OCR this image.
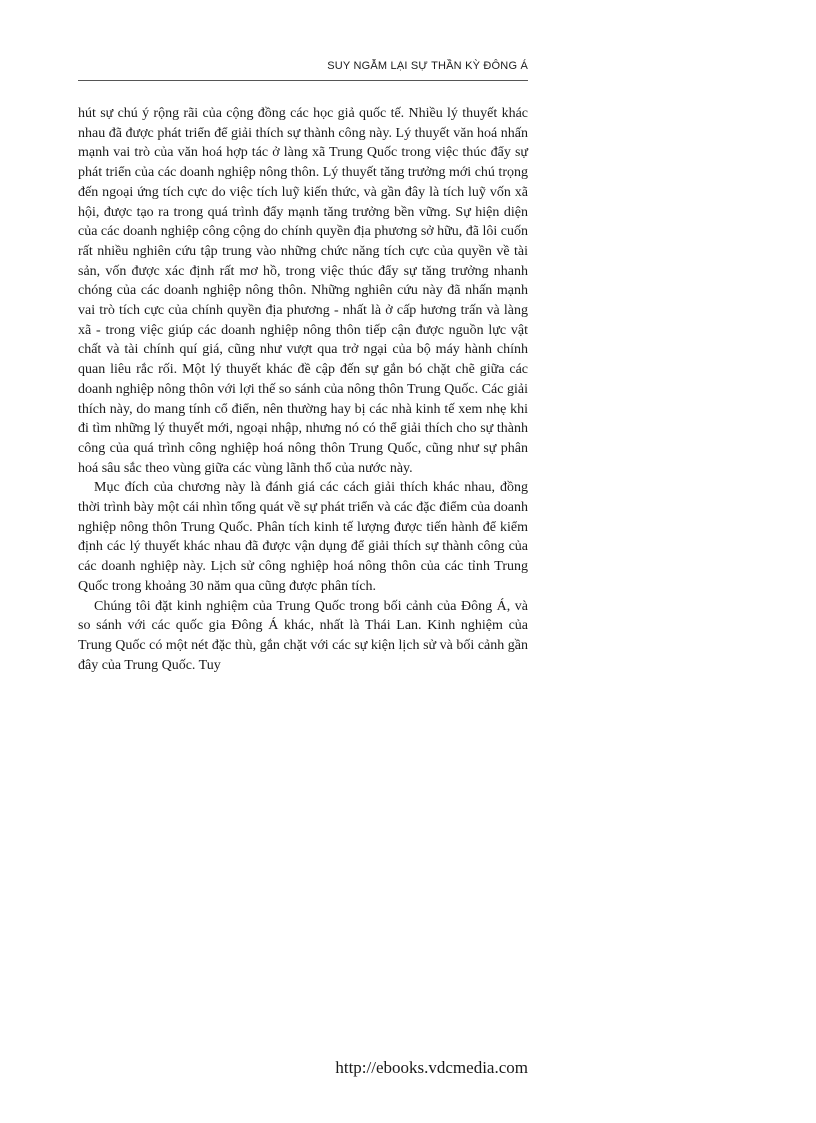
SUY NGẪM LẠI SỰ THẦN KỲ ĐÔNG Á

hút sự chú ý rộng rãi của cộng đồng các học giả quốc tế. Nhiều lý thuyết khác nhau đã được phát triển để giải thích sự thành công này. Lý thuyết văn hoá nhấn mạnh vai trò của văn hoá hợp tác ở làng xã Trung Quốc trong việc thúc đẩy sự phát triển của các doanh nghiệp nông thôn. Lý thuyết tăng trưởng mới chú trọng đến ngoại ứng tích cực do việc tích luỹ kiến thức, và gần đây là tích luỹ vốn xã hội, được tạo ra trong quá trình đẩy mạnh tăng trưởng bền vững. Sự hiện diện của các doanh nghiệp công cộng do chính quyền địa phương sở hữu, đã lôi cuốn rất nhiều nghiên cứu tập trung vào những chức năng tích cực của quyền về tài sản, vốn được xác định rất mơ hồ, trong việc thúc đẩy sự tăng trưởng nhanh chóng của các doanh nghiệp nông thôn. Những nghiên cứu này đã nhấn mạnh vai trò tích cực của chính quyền địa phương - nhất là ở cấp hương trấn và làng xã - trong việc giúp các doanh nghiệp nông thôn tiếp cận được nguồn lực vật chất và tài chính quí giá, cũng như vượt qua trở ngại của bộ máy hành chính quan liêu rắc rối. Một lý thuyết khác đề cập đến sự gắn bó chặt chẽ giữa các doanh nghiệp nông thôn với lợi thế so sánh của nông thôn Trung Quốc. Các giải thích này, do mang tính cổ điển, nên thường hay bị các nhà kinh tế xem nhẹ khi đi tìm những lý thuyết mới, ngoại nhập, nhưng nó có thể giải thích cho sự thành công của quá trình công nghiệp hoá nông thôn Trung Quốc, cũng như sự phân hoá sâu sắc theo vùng giữa các vùng lãnh thổ của nước này.

Mục đích của chương này là đánh giá các cách giải thích khác nhau, đồng thời trình bày một cái nhìn tổng quát về sự phát triển và các đặc điểm của doanh nghiệp nông thôn Trung Quốc. Phân tích kinh tế lượng được tiến hành để kiểm định các lý thuyết khác nhau đã được vận dụng để giải thích sự thành công của các doanh nghiệp này. Lịch sử công nghiệp hoá nông thôn của các tỉnh Trung Quốc trong khoảng 30 năm qua cũng được phân tích.

Chúng tôi đặt kinh nghiệm của Trung Quốc trong bối cảnh của Đông Á, và so sánh với các quốc gia Đông Á khác, nhất là Thái Lan. Kinh nghiệm của Trung Quốc có một nét đặc thù, gắn chặt với các sự kiện lịch sử và bối cảnh gần đây của Trung Quốc. Tuy

http://ebooks.vdcmedia.com
